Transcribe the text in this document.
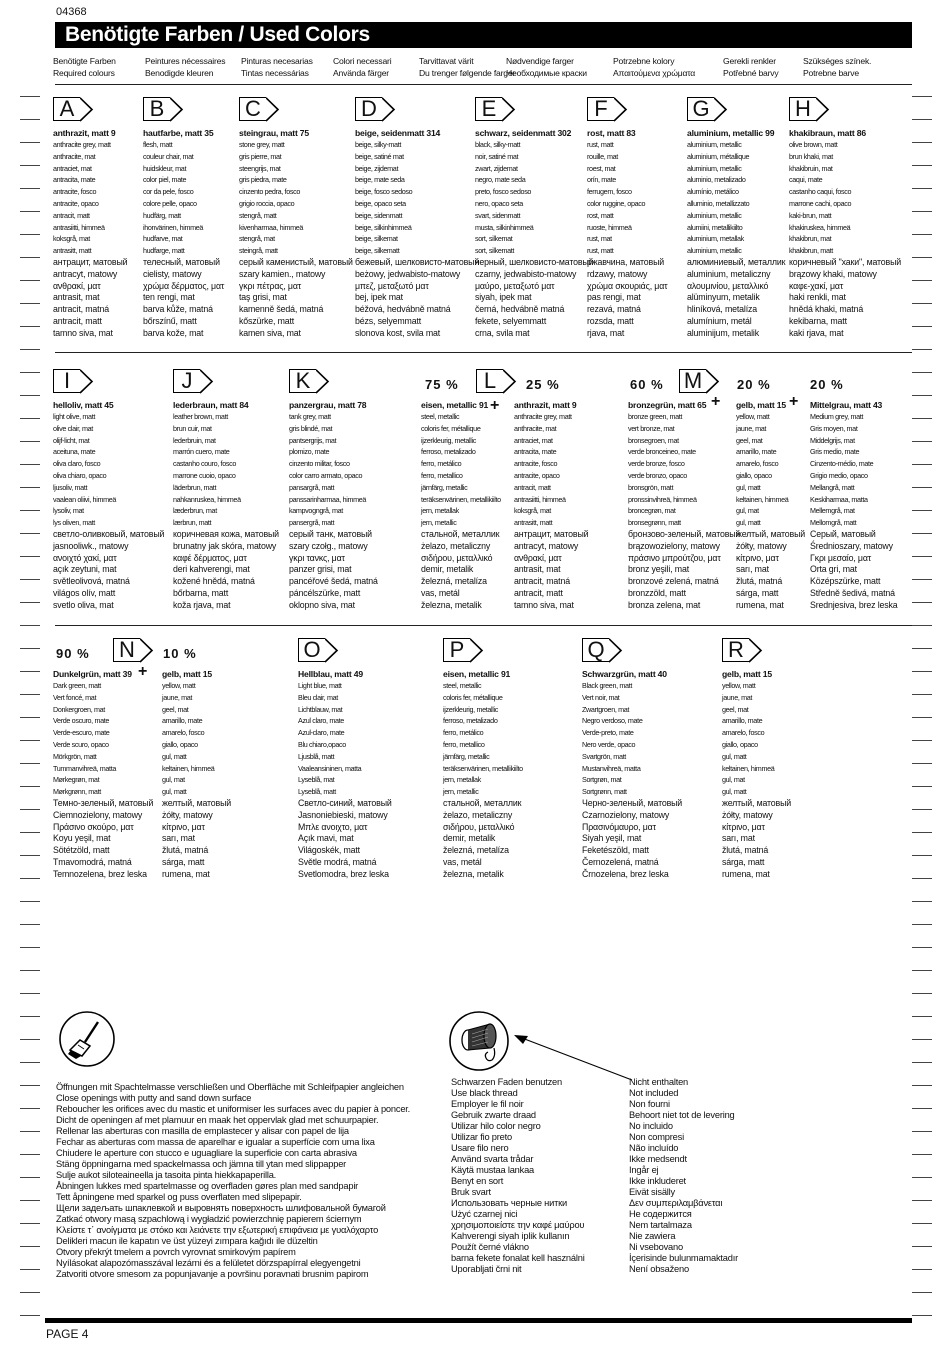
04368
Benötigte Farben / Used Colors
Benötigte Farben
Required colours
Peintures nécessaires
Benodigde kleuren
Pinturas necesarias
Tintas necessárias
Colori necessari
Använda färger
Tarvittavat värit
Du trenger følgende farger
Nødvendige farger
Необходимые краски
Potrzebne kolory
Απαιτούμενα χρώματα
Gerekli renkler
Potřebné barvy
Szükséges színek.
Potrebne barve
A
anthrazit, matt 9
anthracite grey, matt
anthracite, mat
antraciet, mat
antracita, mate
antracite, fosco
antracite, opaco
antracit, matt
antrasiitti, himmeä
koksgrå, mat
antrasitt, matt
антрацит, матовый
antracyt, matowy
ανθρακί, ματ
antrasit, mat
antracit, matná
antracit, matt
tamno siva, mat
B
hautfarbe, matt 35
flesh, matt
couleur chair, mat
huidskleur, mat
color piel, mate
cor da pele, fosco
colore pelle, opaco
hudfärg, matt
ihonvärinen, himmeä
hudfarve, mat
hudfarge, matt
телесный, матовый
cielisty, matowy
χρώμα δέρματος, ματ
ten rengi, mat
barva kůže, matná
bőrszínű, matt
barva kože, mat
C
steingrau, matt 75
stone grey, matt
gris pierre, mat
steengrijs, mat
gris piedra, mate
cinzento pedra, fosco
grigio roccia, opaco
stengrå, matt
kivenharmaa, himmeä
stengrå, mat
steingrå, matt
серый каменистый, матовый
szary kamien., matowy
γκρι πέτρας, ματ
taş grisi, mat
kamenně šedá, matná
kőszürke, matt
kamen siva, mat
D
beige, seidenmatt 314
beige, silky-matt
beige, satiné mat
beige, zijdemat
beige, mate seda
beige, fosco sedoso
beige, opaco seta
beige, sidenmatt
beige, silkinhimmeä
beige, silkemat
beige, silkematt
бежевый, шелковисто-матовый
beżowy, jedwabisto-matowy
μπεζ, μεταξωτό ματ
bej, ipek mat
béžová, hedvábně matná
bézs, selyemmatt
slonova kost, svila mat
E
schwarz, seidenmatt 302
black, silky-matt
noir, satiné mat
zwart, zijdemat
negro, mate seda
preto, fosco sedoso
nero, opaco seta
svart, sidenmatt
musta, silkinhimmeä
sort, silkemat
sort, silkematt
черный, шелковисто-матовый
czarny, jedwabisto-matowy
μαύρο, μεταξωτό ματ
siyah, ipek mat
černá, hedvábně matná
fekete, selyemmatt
crna, svila mat
F
rost, matt 83
rust, matt
rouille, mat
roest, mat
orín, mate
ferrugem, fosco
color ruggine, opaco
rost, matt
ruoste, himmeä
rust, mat
rust, matt
ржавчина, матовый
rdzawy, matowy
χρώμα σκουριάς, ματ
pas rengi, mat
rezavá, matná
rozsda, matt
rjava, mat
G
aluminium, metallic 99
aluminium, metallic
aluminium, métallique
aluminium, metallic
aluminio, metalizado
alumínio, metálico
alluminio, metallizzato
aluminium, metallic
alumiini, metallikiilto
aluminium, metallak
aluminium, metallic
алюминиевый, металлик
aluminium, metaliczny
αλουμινίου, μεταλλικό
alüminyum, metalik
hliníková, metalíza
alumínium, metál
aluminijum, metalik
H
khakibraun, matt 86
olive brown, matt
brun khaki, mat
khakibruin, mat
caqui, mate
castanho caqui, fosco
marrone cachi, opaco
kaki-brun, matt
khakiruskea, himmeä
khakibrun, mat
khakibrun, matt
коричневый "хаки", матовый
brązowy khaki, matowy
καφε-χακί, ματ
haki renkli, mat
hnědá khaki, matná
kekibarna, matt
kaki rjava, mat
I
helloliv, matt 45
light olive, matt
olive clair, mat
olijf-licht, mat
aceituna, mate
oliva claro, fosco
oliva chiaro, opaco
ljusoliv, matt
vaalean oliivi, himmeä
lysoliv, mat
lys oliven, matt
светло-оливковый, матовый
jasnooliwk., matowy
ανοιχτό χακί, ματ
açık zeytuni, mat
světleolivová, matná
világos olív, matt
svetlo oliva, mat
J
lederbraun, matt 84
leather brown, matt
brun cuir, mat
lederbruin, mat
marrón cuero, mate
castanho couro, fosco
marrone cuoio, opaco
läderbrun, matt
nahkanruskea, himmeä
læderbrun, mat
lærbrun, matt
коричневая кожа, матовый
brunatny jak skóra, matowy
καφέ δέρματος, ματ
deri kahverengi, mat
kožené hnědá, matná
bőrbarna, matt
koža rjava, mat
K
panzergrau, matt 78
tank grey, matt
gris blindé, mat
pantsergrijs, mat
plomizo, mate
cinzento militar, fosco
color carro armato, opaco
pansargrå, matt
panssarinharmaa, himmeä
kampvogngrå, mat
pansergrå, matt
серый танк, матовый
szary czołg., matowy
γκρι τανκς, ματ
panzer grisi, mat
pancéřové šedá, matná
páncélszürke, matt
oklopno siva, mat
eisen, metallic 91
steel, metallic
coloris fer, métallique
ijzerkleurig, metallic
ferroso, metalizado
ferro, metálico
ferro, metallico
järnfärg, metallic
teräksenvärinen, metallikiilto
jern, metallak
jern, metallic
стальной, металлик
żelazo, metaliczny
σιδήρου, μεταλλικό
demir, metalik
železná, metalíza
vas, metál
železna, metalik
75 %
anthrazit, matt 9
anthracite grey, matt
anthracite, mat
antraciet, mat
antracita, mate
antracite, fosco
antracite, opaco
antracit, matt
antrasiitti, himmeä
koksgrå, mat
antrasitt, matt
антрацит, матовый
antracyt, matowy
ανθρακί, ματ
antrasit, mat
antracit, matná
antracit, matt
tamno siva, mat
L	25 %
+	bronzegrün, matt 65
bronze green, matt
vert bronze, mat
bronsegroen, mat
verde bronceineo, mate
verde bronze, fosco
verde bronzo, opaco
bronsgrön, matt
pronssinvihreä, himmeä
broncegrøn, mat
bronsegrønn, matt
бронзово-зеленый, матовый
brązowozielony, matowy
πράσινο μπρούτζου, ματ
bronz yeşili, mat
bronzové zelená, matná
bronzzöld, matt
bronza zelena, mat
60 % M
gelb, matt 15
yellow, matt
jaune, mat
geel, mat
amarillo, mate
amarelo, fosco
giallo, opaco
gul, matt
keltainen, himmeä
gul, mat
gul, matt
желтый, матовый
żółty, matowy
κίτρινο, ματ
sarı, mat
žlutá, matná
sárga, matt
rumena, mat
20 %
+	Mittelgrau, matt 43
Medium grey, matt
Gris moyen, mat
Middelgrijs, mat
Gris medio, mate
Cinzento-médio, mate
Grigio medio, opaco
Mellangrå, matt
Keskiharmaa, matta
Mellemgrå, mat
Mellomgrå, matt
Серый, матовый
Średnioszary, matowy
Γκρι μεσαίο, ματ
Orta gri, mat
Középszürke, matt
Středně šedivá, matná
Srednjesiva, brez leska
20 %
+
Dunkelgrün, matt 39
Dark green, matt
Vert foncé, mat
Donkergroen, mat
Verde oscuro, mate
Verde-escuro, mate
Verde scuro, opaco
Mörkgrön, matt
Tummanvihreä, matta
Mørkegrøn, mat
Mørkgrønn, matt
Темно-зеленый, матовый
Ciemnozielony, matowy
Πράσινο σκούρο, ματ
Koyu yeşil, mat
Sötétzöld, matt
Tmavomodrá, matná
Temnozelena, brez leska
90 % N
gelb, matt 15
yellow, matt
jaune, mat
geel, mat
amarillo, mate
amarelo, fosco
giallo, opaco
gul, matt
keltainen, himmeä
gul, mat
gul, matt
желтый, матовый
żółty, matowy
κίτρινο, ματ
sarı, mat
žlutá, matná
sárga, matt
rumena, mat
10 %
+
O
Hellblau, matt 49
Light blue, matt
Bleu clair, mat
Lichtblauw, mat
Azul claro, mate
Azul-claro, mate
Blu chiaro,opaco
Ljusblå, matt
Vaaleansininen, matta
Lyseblå, mat
Lyseblå, matt
Светло-синий, матовый
Jasnoniebieski, matowy
Μπλε ανοιχτο, ματ
Açık mavi, mat
Világoskék, matt
Světle modrá, matná
Svetlomodra, brez leska
P
eisen, metallic 91
steel, metallic
coloris fer, métallique
ijzerkleurig, metallic
ferroso, metalizado
ferro, metálico
ferro, metallico
järnfärg, metallic
teräksenvärinen, metallikiilto
jern, metallak
jern, metallic
стальной, металлик
żelazo, metaliczny
σιδήρου, μεταλλικό
demir, metalik
železná, metalíza
vas, metál
železna, metalik
Q
Schwarzgrün, matt 40
Black green, matt
Vert noir, mat
Zwartgroen, mat
Negro verdoso, mate
Verde-preto, mate
Nero verde, opaco
Svartgrön, matt
Mustanvihreä, matta
Sortgrøn, mat
Sortgrønn, matt
Черно-зеленый, матовый
Czarnozielony, matowy
Πρασινόμαυρο, ματ
Siyah yeşil, mat
Feketészöld, matt
Černozelená, matná
Črnozelena, brez leska
R
gelb, matt 15
yellow, matt
jaune, mat
geel, mat
amarillo, mate
amarelo, fosco
giallo, opaco
gul, matt
keltainen, himmeä
gul, mat
gul, matt
желтый, матовый
żółty, matowy
κίτρινο, ματ
sarı, mat
žlutá, matná
sárga, matt
rumena, mat
Öffnungen mit Spachtelmasse verschließen und Oberfläche mit Schleifpapier angleichen
Close openings with putty and sand down surface
Reboucher les orifices avec du mastic et uniformiser les surfaces avec du papier à poncer.
Dicht de openingen af met plamuur en maak het oppervlak glad met schuurpapier.
Rellenar las aberturas con masilla de emplastecer y alisar con papel de lija
Fechar as aberturas com massa de aparelhar e igualar a superfície com uma lixa
Chiudere le aperture con stucco e uguagliare la superficie con carta abrasiva
Stäng öppningarna med spackelmassa och jämna till ytan med slippapper
Sulje aukot siloteaineella ja tasoita pinta hiekkapaperilla.
Åbningen lukkes med spartelmasse og overfladen gøres plan med sandpapir
Tett åpningene med sparkel og puss overflaten med slipepapir.
Щели задељать шпаклевкой и выровнять поверхность шлифовальной бумагой
Zatkać otwory masą szpachlową i wygładzić powierzchnię papierem ściernym
Κλείστε τ΄ ανοίγματα με στόκο και λειάνετε την εξωτερική επιφάνεια με γυαλόχαρτο
Delikleri macun ile kapatın ve üst yüzeyi zımpara kağıdı ile düzeltin
Otvory překrýt tmelem a povrch vyrovnat smirkovým papírem
Nyílásokat alapozómasszával lezárni és a felületet dörzspapírral elegyengetni
Zatvoriti otvore smesom za popunjavanje a površinu poravnati brusnim papirom
Schwarzen Faden benutzen
Use black thread
Employer le fil noir
Gebruik zwarte draad
Utilizar hilo color negro
Utilizar fio preto
Usare filo nero
Använd svarta trådar
Käytä mustaa lankaa
Benyt en sort
Bruk svart
Использовать черные нитки
Użyć czarnej nici
χρησιμοποιείστε την καφέ μαύρου
Kahverengi siyah iplik kullanın
Použít černé vlákno
barna fekete fonalat kell használni
Uporabljati črni nit
Nicht enthalten
Not included
Non fourni
Behoort niet tot de levering
No incluido
Non compresi
Não incluído
Ikke medsendt
Ingår ej
Ikke inkluderet
Eivät sisälly
Δεν συμπεριλαμβάνεται
Не содержится
Nem tartalmaza
Nie zawiera
Ni vsebovano
İçerisinde bulunmamaktadır
Není obsaženo
PAGE 4
